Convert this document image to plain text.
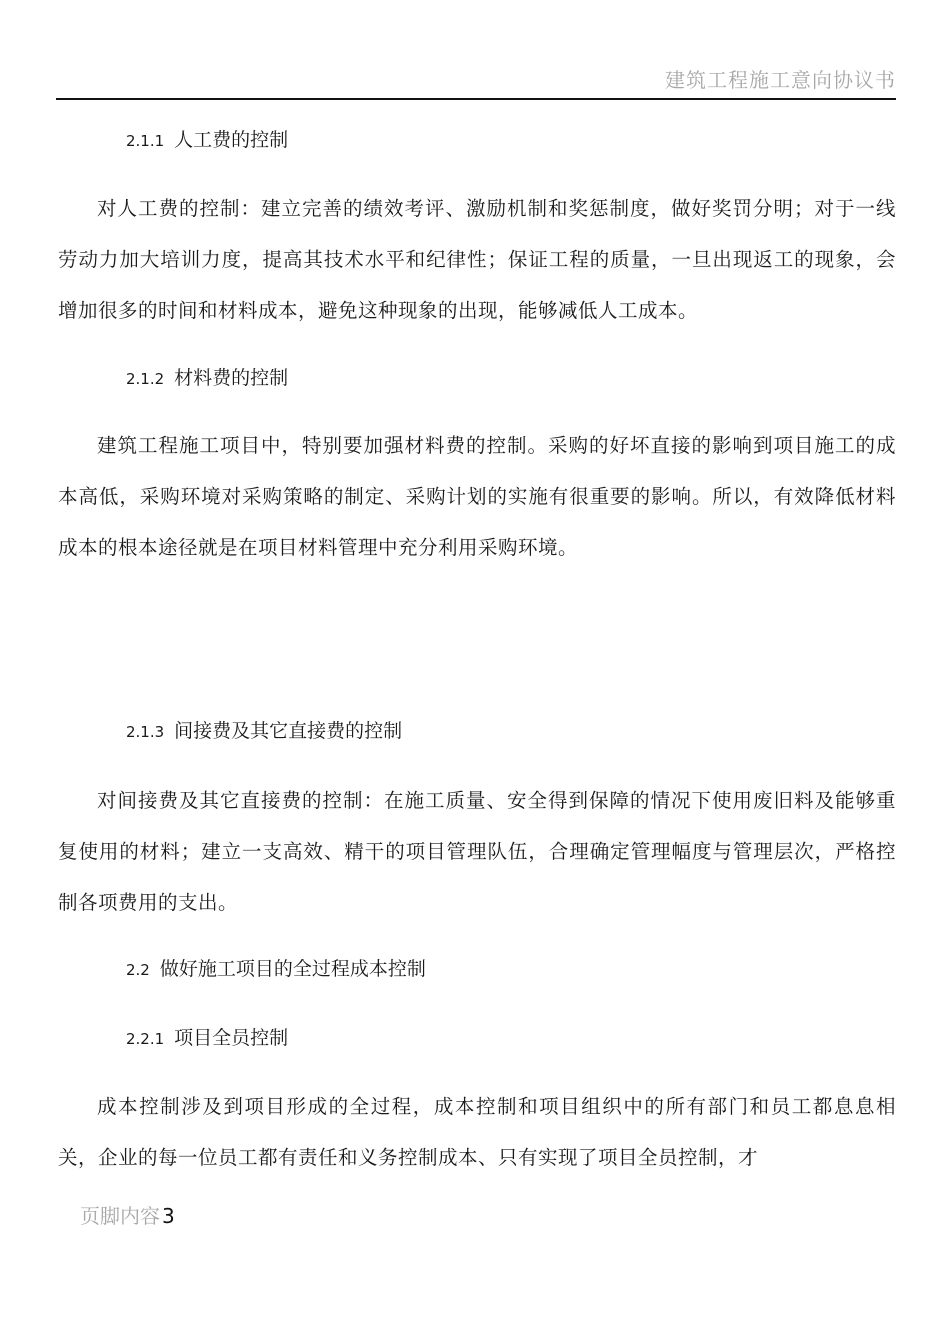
建筑工程施工意向协议书
2.1.1 人工费的控制

对人工费的控制：建立完善的绩效考评、激励机制和奖惩制度，做好奖罚分明；对于一线劳动力加大培训力度，提高其技术水平和纪律性；保证工程的质量，一旦出现返工的现象，会增加很多的时间和材料成本，避免这种现象的出现，能够减低人工成本。

2.1.2 材料费的控制

建筑工程施工项目中，特别要加强材料费的控制。采购的好坏直接的影响到项目施工的成本高低，采购环境对采购策略的制定、采购计划的实施有很重要的影响。所以，有效降低材料成本的根本途径就是在项目材料管理中充分利用采购环境。

2.1.3 间接费及其它直接费的控制

对间接费及其它直接费的控制：在施工质量、安全得到保障的情况下使用废旧料及能够重复使用的材料；建立一支高效、精干的项目管理队伍，合理确定管理幅度与管理层次，严格控制各项费用的支出。

2.2 做好施工项目的全过程成本控制
2.2.1 项目全员控制

成本控制涉及到项目形成的全过程，成本控制和项目组织中的所有部门和员工都息息相关，企业的每一位员工都有责任和义务控制成本、只有实现了项目全员控制，才

页脚内容 3
